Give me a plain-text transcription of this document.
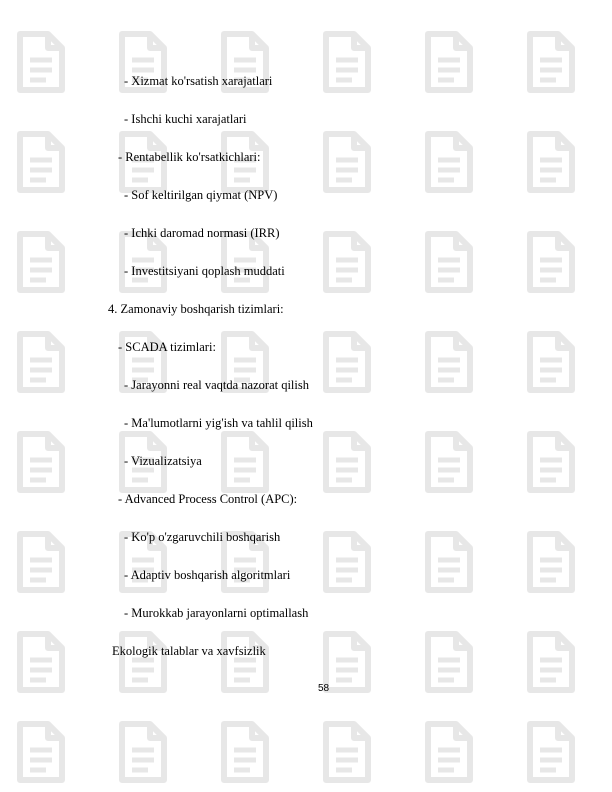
- Xizmat ko'rsatish xarajatlari
- Ishchi kuchi xarajatlari
- Rentabellik ko'rsatkichlari:
- Sof keltirilgan qiymat (NPV)
- Ichki daromad normasi (IRR)
- Investitsiyani qoplash muddati
4. Zamonaviy boshqarish tizimlari:
- SCADA tizimlari:
- Jarayonni real vaqtda nazorat qilish
- Ma'lumotlarni yig'ish va tahlil qilish
- Vizualizatsiya
- Advanced Process Control (APC):
- Ko'p o'zgaruvchili boshqarish
- Adaptiv boshqarish algoritmlari
- Murokkab jarayonlarni optimallash
Ekologik talablar va xavfsizlik
58
